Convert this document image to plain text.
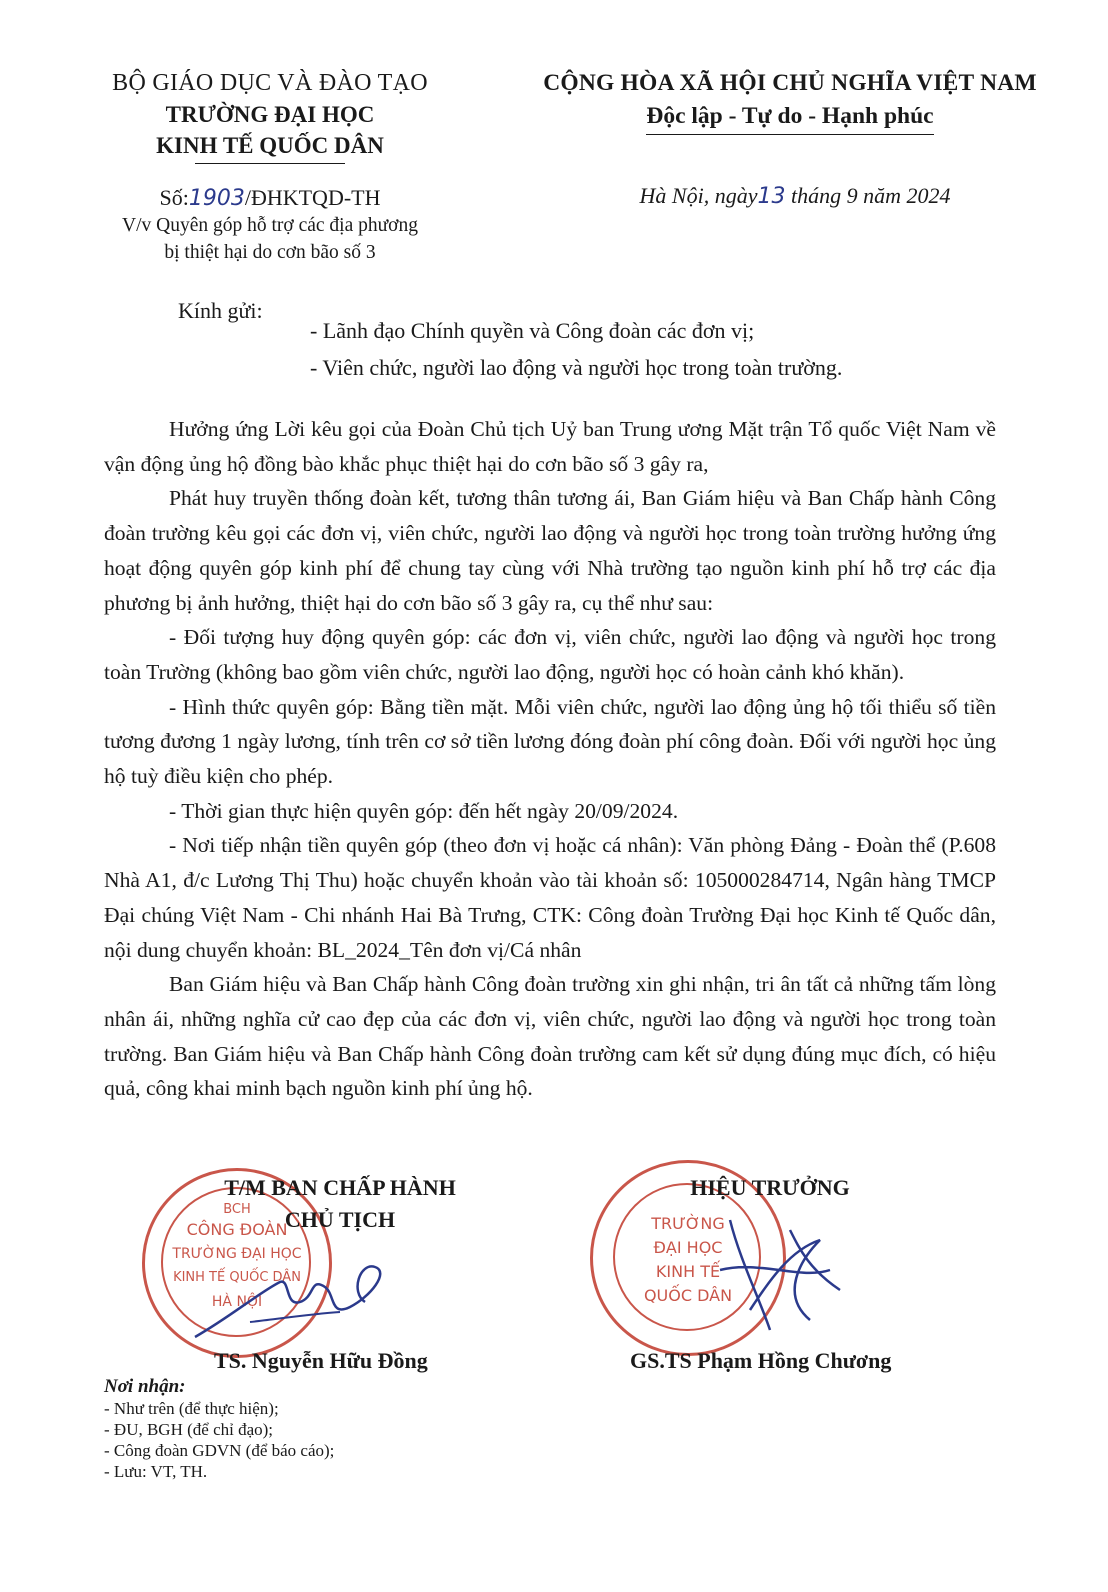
BỘ GIÁO DỤC VÀ ĐÀO TẠO
TRƯỜNG ĐẠI HỌC
KINH TẾ QUỐC DÂN
CỘNG HÒA XÃ HỘI CHỦ NGHĨA VIỆT NAM
Độc lập - Tự do - Hạnh phúc
Số:1903/ĐHKTQD-TH
V/v Quyên góp hỗ trợ các địa phương
bị thiệt hại do cơn bão số 3
Hà Nội, ngày13 tháng 9 năm 2024
Kính gửi:
- Lãnh đạo Chính quyền và Công đoàn các đơn vị;
- Viên chức, người lao động và người học trong toàn trường.

Hưởng ứng Lời kêu gọi của Đoàn Chủ tịch Uỷ ban Trung ương Mặt trận Tổ quốc Việt Nam về vận động ủng hộ đồng bào khắc phục thiệt hại do cơn bão số 3 gây ra,

Phát huy truyền thống đoàn kết, tương thân tương ái, Ban Giám hiệu và Ban Chấp hành Công đoàn trường kêu gọi các đơn vị, viên chức, người lao động và người học trong toàn trường hưởng ứng hoạt động quyên góp kinh phí để chung tay cùng với Nhà trường tạo nguồn kinh phí hỗ trợ các địa phương bị ảnh hưởng, thiệt hại do cơn bão số 3 gây ra, cụ thể như sau:

- Đối tượng huy động quyên góp: các đơn vị, viên chức, người lao động và người học trong toàn Trường (không bao gồm viên chức, người lao động, người học có hoàn cảnh khó khăn).

- Hình thức quyên góp: Bằng tiền mặt. Mỗi viên chức, người lao động ủng hộ tối thiểu số tiền tương đương 1 ngày lương, tính trên cơ sở tiền lương đóng đoàn phí công đoàn. Đối với người học ủng hộ tuỳ điều kiện cho phép.

- Thời gian thực hiện quyên góp: đến hết ngày 20/09/2024.

- Nơi tiếp nhận tiền quyên góp (theo đơn vị hoặc cá nhân): Văn phòng Đảng - Đoàn thể (P.608 Nhà A1, đ/c Lương Thị Thu) hoặc chuyển khoản vào tài khoản số: 105000284714, Ngân hàng TMCP Đại chúng Việt Nam - Chi nhánh Hai Bà Trưng, CTK: Công đoàn Trường Đại học Kinh tế Quốc dân, nội dung chuyển khoản: BL_2024_Tên đơn vị/Cá nhân

Ban Giám hiệu và Ban Chấp hành Công đoàn trường xin ghi nhận, tri ân tất cả những tấm lòng nhân ái, những nghĩa cử cao đẹp của các đơn vị, viên chức, người lao động và người học trong toàn trường. Ban Giám hiệu và Ban Chấp hành Công đoàn trường cam kết sử dụng đúng mục đích, có hiệu quả, công khai minh bạch nguồn kinh phí ủng hộ.

BCH
CÔNG ĐOÀN
TRƯỜNG ĐẠI HỌC
KINH TẾ QUỐC DÂN
HÀ NỘI
T/M BAN CHẤP HÀNH
CHỦ TỊCH
TS. Nguyễn Hữu Đồng
TRƯỜNG
ĐẠI HỌC
KINH TẾ
QUỐC DÂN
HIỆU TRƯỞNG
GS.TS Phạm Hồng Chương
Nơi nhận:
- Như trên (để thực hiện);
- ĐU, BGH (để chỉ đạo);
- Công đoàn GDVN (để báo cáo);
- Lưu: VT, TH.
